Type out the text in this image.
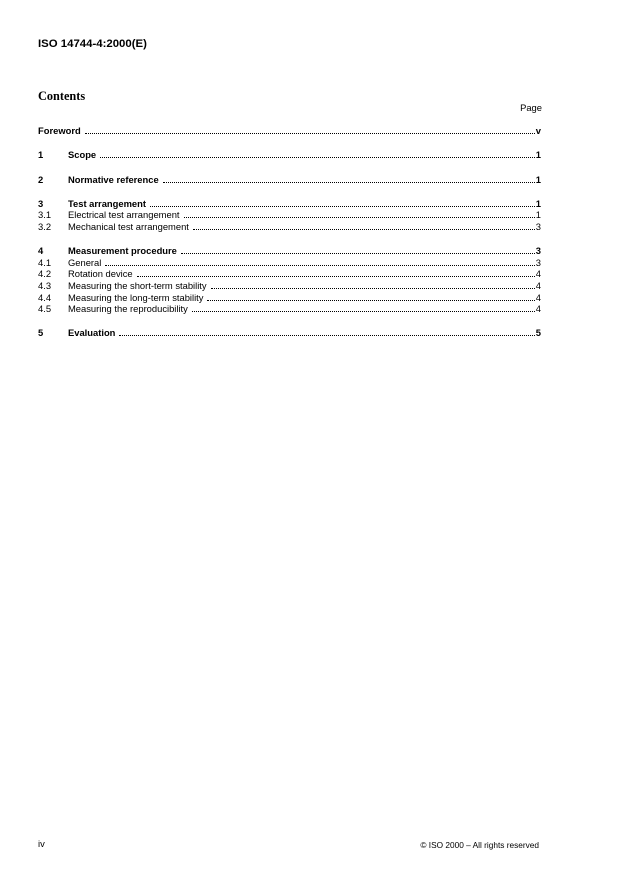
ISO 14744-4:2000(E)
Contents
Page
Foreword	v
1	Scope	1
2	Normative reference	1
3	Test arrangement	1
3.1	Electrical test arrangement	1
3.2	Mechanical test arrangement	3
4	Measurement procedure	3
4.1	General	3
4.2	Rotation device	4
4.3	Measuring the short-term stability	4
4.4	Measuring the long-term stability	4
4.5	Measuring the reproducibility	4
5	Evaluation	5
iv	© ISO 2000 – All rights reserved
